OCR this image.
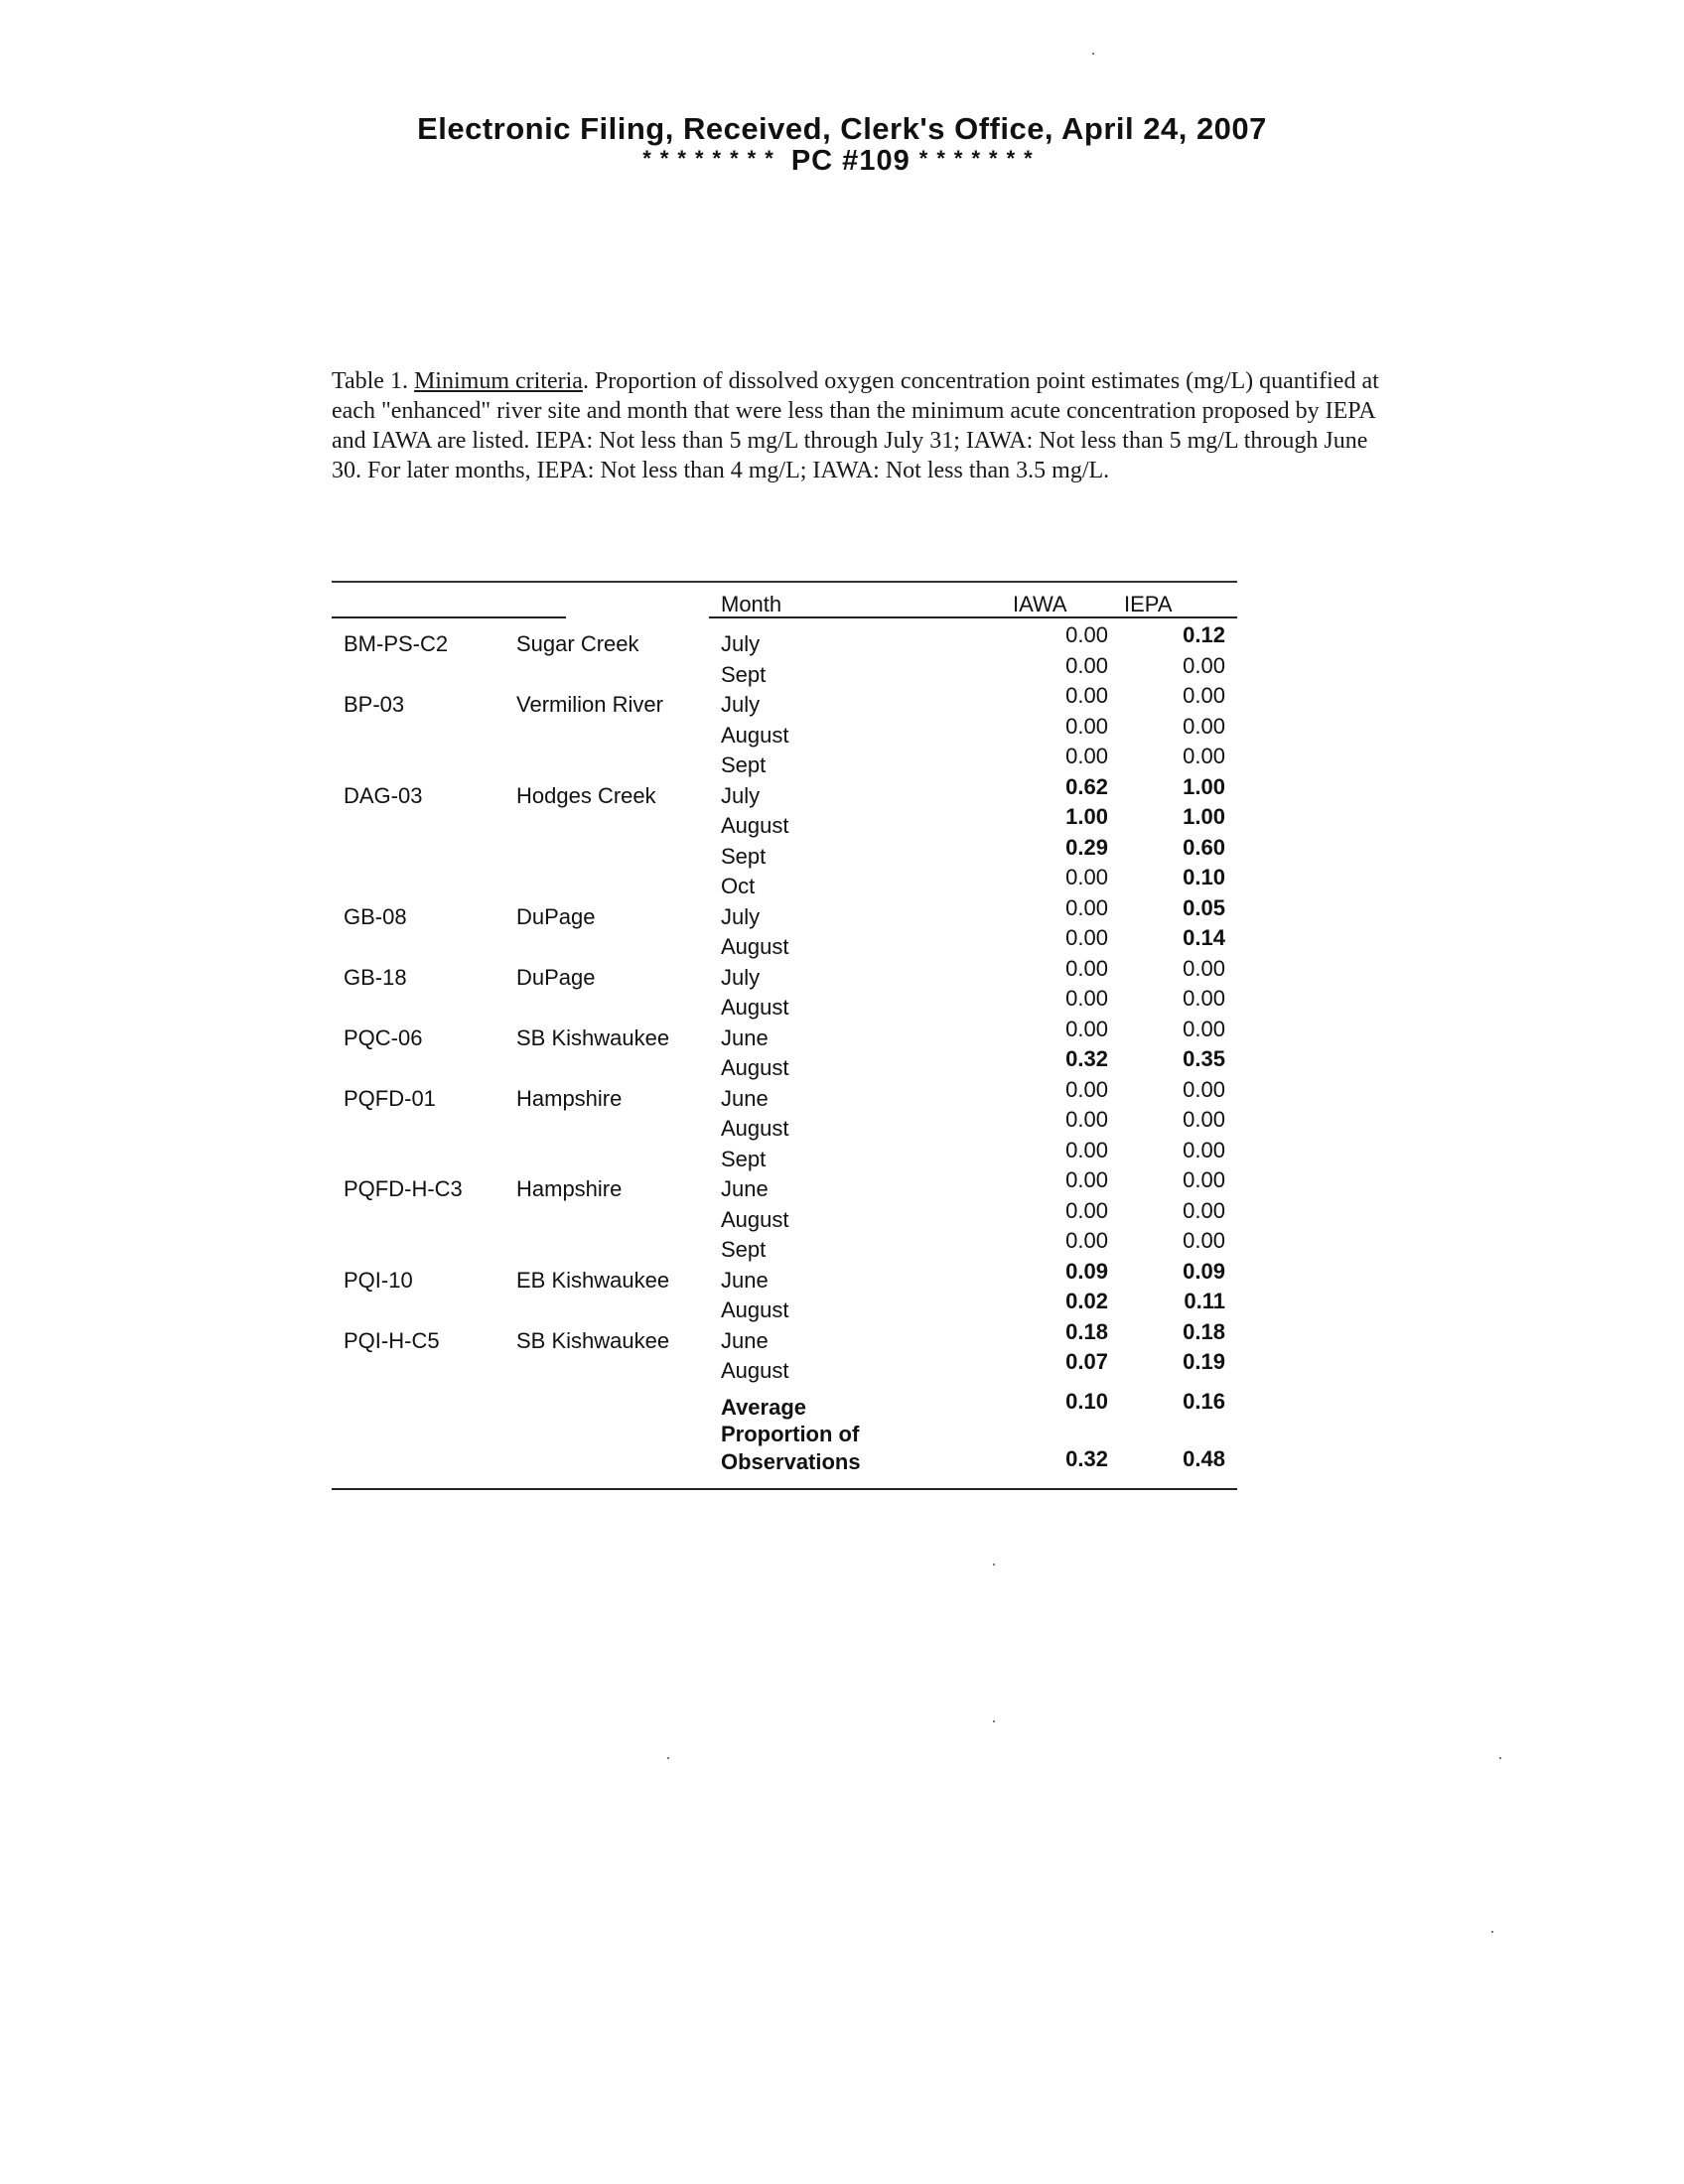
Electronic Filing, Received, Clerk's Office, April 24, 2007
******** PC #109 *******
Table 1. Minimum criteria. Proportion of dissolved oxygen concentration point estimates (mg/L) quantified at each "enhanced" river site and month that were less than the minimum acute concentration proposed by IEPA and IAWA are listed. IEPA: Not less than 5 mg/L through July 31; IAWA: Not less than 5 mg/L through June 30. For later months, IEPA: Not less than 4 mg/L; IAWA: Not less than 3.5 mg/L.
Month	IAWA	IEPA
BM-PS-C2	Sugar Creek	July	0.00	0.12
Sept	0.00	0.00
BP-03	Vermilion River	July	0.00	0.00
August	0.00	0.00
Sept	0.00	0.00
DAG-03	Hodges Creek	July	0.62	1.00
August	1.00	1.00
Sept	0.29	0.60
Oct	0.00	0.10
GB-08	DuPage	July	0.00	0.05
August	0.00	0.14
GB-18	DuPage	July	0.00	0.00
August	0.00	0.00
PQC-06	SB Kishwaukee June	0.00	0.00
August	0.32	0.35
PQFD-01	Hampshire	June	0.00	0.00
August	0.00	0.00
Sept	0.00	0.00
PQFD-H-C3 Hampshire	June	0.00	0.00
August	0.00	0.00
Sept	0.00	0.00
PQI-10	EB Kishwaukee June	0.09	0.09
August	0.02	0.11
PQI-H-C5	SB Kishwaukee June	0.18	0.18
August	0.07	0.19
Average	0.10	0.16
Proportion of
Observations	0.32	0.48
